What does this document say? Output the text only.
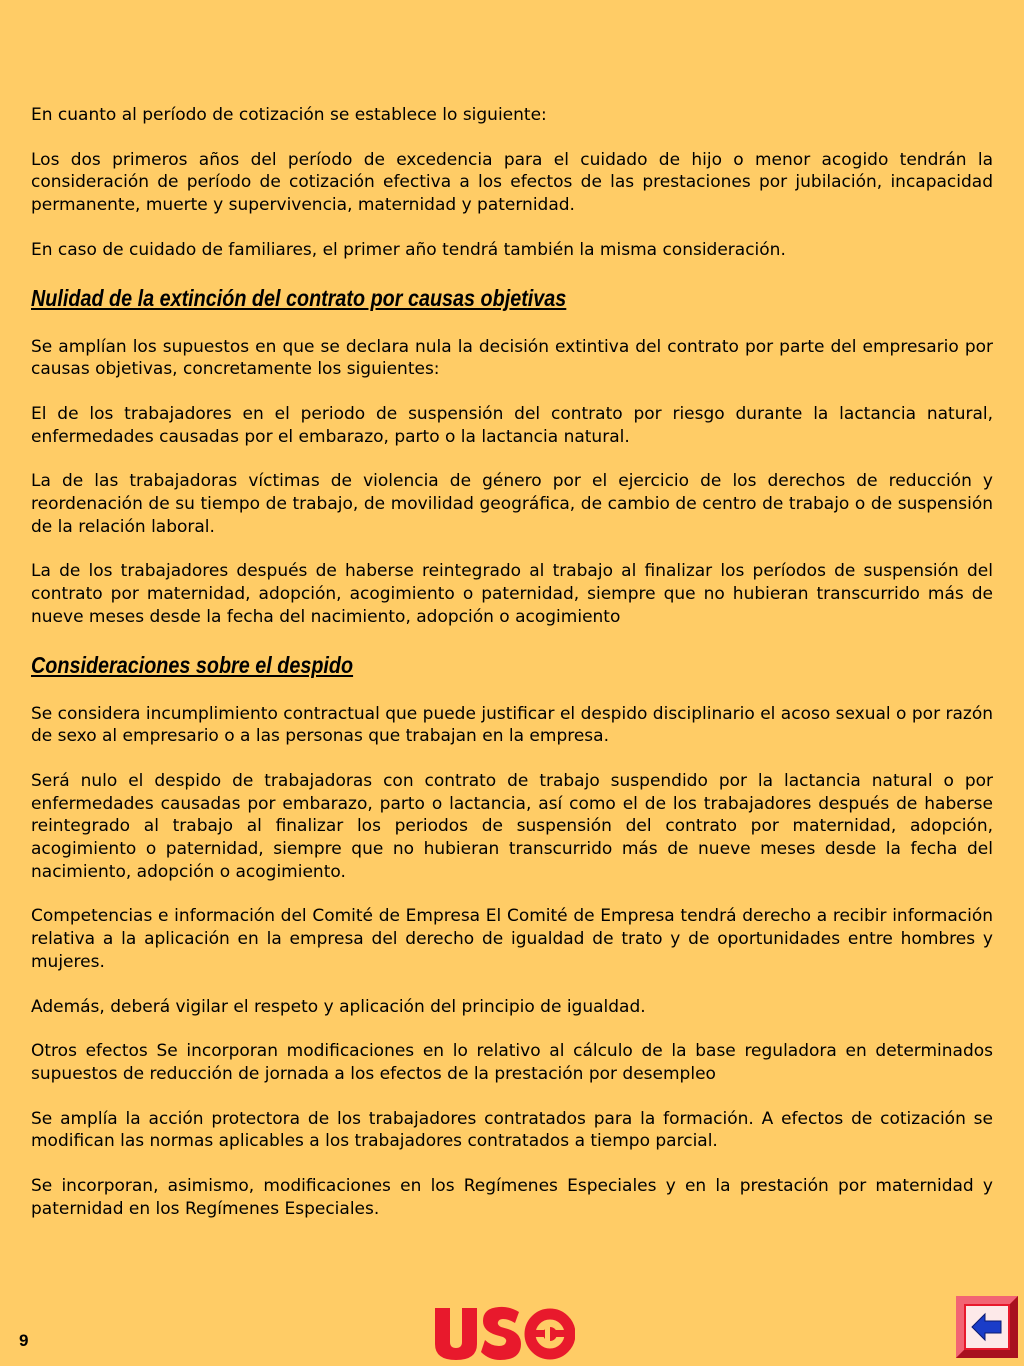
En cuanto al período de cotización se establece lo siguiente:

Los dos primeros años del período de excedencia para el cuidado de hijo o menor acogido tendrán la consideración de período de cotización efectiva a los efectos de las prestaciones por jubilación, incapacidad permanente, muerte y supervivencia, maternidad y paternidad.

En caso de cuidado de familiares, el primer año tendrá también la misma consideración.

Nulidad de la extinción del contrato por causas objetivas

Se amplían los supuestos en que se declara nula la decisión extintiva del contrato por parte del empresario por causas objetivas, concretamente los siguientes:

El de los trabajadores en el periodo de suspensión del contrato por riesgo durante la lactancia natural, enfermedades causadas por el embarazo, parto o la lactancia natural.

La de las trabajadoras víctimas de violencia de género por el ejercicio de los derechos de reducción y reordenación de su tiempo de trabajo, de movilidad geográfica, de cambio de centro de trabajo o de suspensión de la relación laboral.

La de los trabajadores después de haberse reintegrado al trabajo al finalizar los períodos de suspensión del contrato por maternidad, adopción, acogimiento o paternidad, siempre que no hubieran transcurrido más de nueve meses desde la fecha del nacimiento, adopción o acogimiento

Consideraciones sobre el despido

Se considera incumplimiento contractual que puede justificar el despido disciplinario el acoso sexual o por razón de sexo al empresario o a las personas que trabajan en la empresa.

Será nulo el despido de trabajadoras con contrato de trabajo suspendido por la lactancia natural o por enfermedades causadas por embarazo, parto o lactancia, así como el de los trabajadores después de haberse reintegrado al trabajo al finalizar los periodos de suspensión del contrato por maternidad, adopción, acogimiento o paternidad, siempre que no hubieran transcurrido más de nueve meses desde la fecha del nacimiento, adopción o acogimiento.

Competencias e información del Comité de Empresa El Comité de Empresa tendrá derecho a recibir información relativa a la aplicación en la empresa del derecho de igualdad de trato y de oportunidades entre hombres y mujeres.

Además, deberá vigilar el respeto y aplicación del principio de igualdad.

Otros efectos Se incorporan modificaciones en lo relativo al cálculo de la base reguladora en determinados supuestos de reducción de jornada a los efectos de la prestación por desempleo

Se amplía la acción protectora de los trabajadores contratados para la formación. A efectos de cotización se modifican las normas aplicables a los trabajadores contratados a tiempo parcial.

Se incorporan, asimismo, modificaciones en los Regímenes Especiales y en la prestación por maternidad y paternidad en los Regímenes Especiales.

9
